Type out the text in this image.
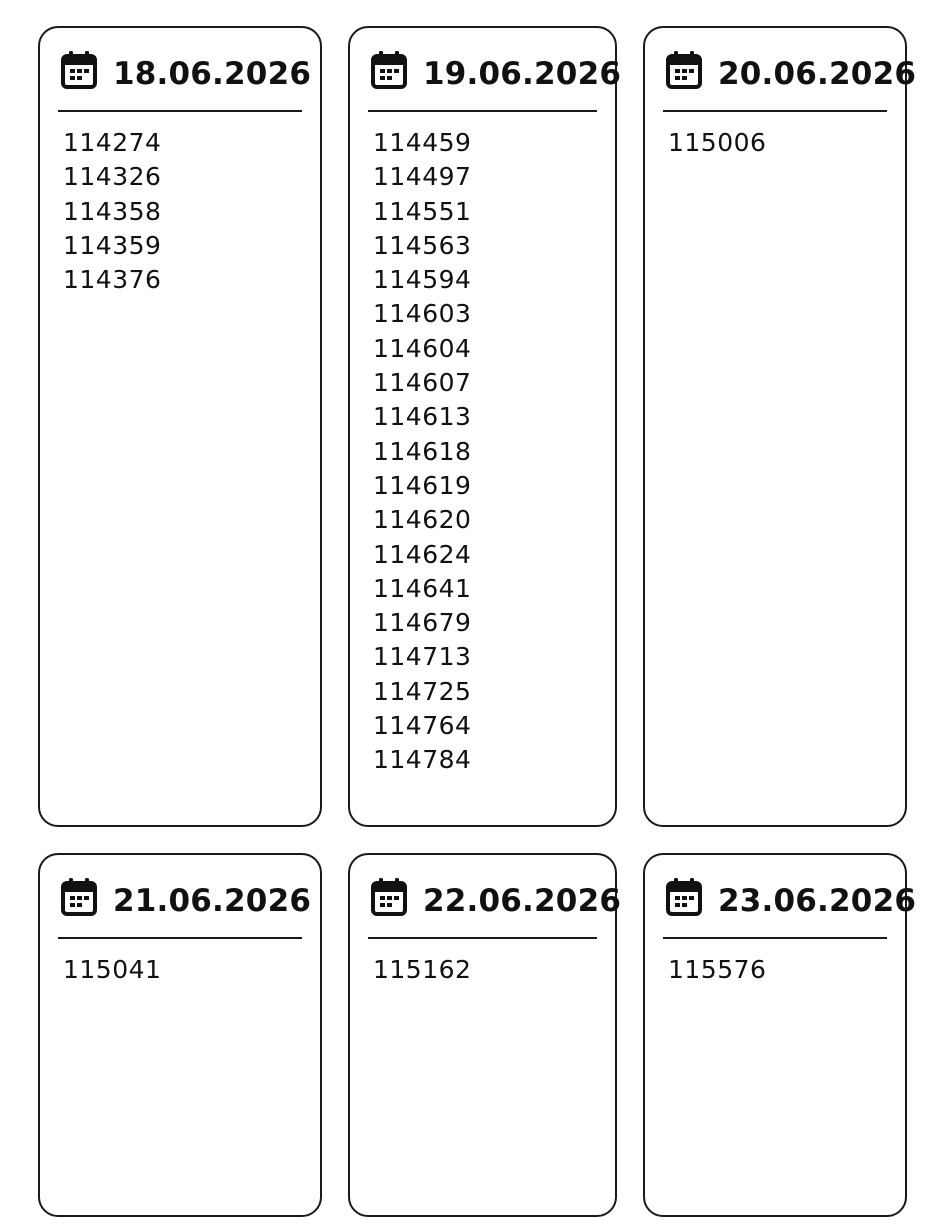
18.06.2026
114274
114326
114358
114359
114376
19.06.2026
114459
114497
114551
114563
114594
114603
114604
114607
114613
114618
114619
114620
114624
114641
114679
114713
114725
114764
114784
20.06.2026
115006
21.06.2026
115041
22.06.2026
115162
23.06.2026
115576
